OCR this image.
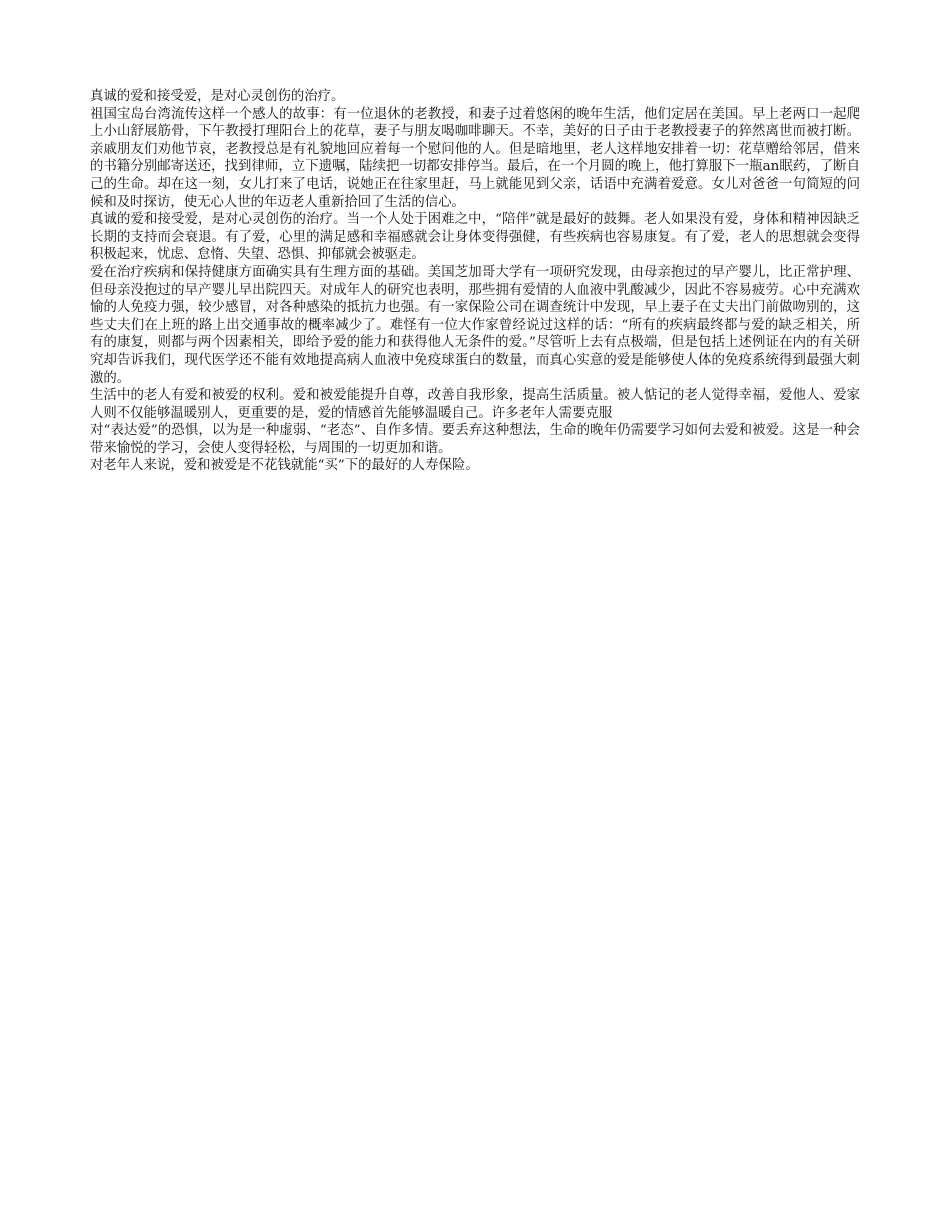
真诚的爱和接受爱，是对心灵创伤的治疗。

祖国宝岛台湾流传这样一个感人的故事：有一位退休的老教授，和妻子过着悠闲的晚年生活，他们定居在美国。早上老两口一起爬上小山舒展筋骨，下午教授打理阳台上的花草，妻子与朋友喝咖啡聊天。不幸，美好的日子由于老教授妻子的猝然离世而被打断。亲戚朋友们劝他节哀，老教授总是有礼貌地回应着每一个慰问他的人。但是暗地里，老人这样地安排着一切：花草赠给邻居，借来的书籍分别邮寄送还，找到律师，立下遗嘱，陆续把一切都安排停当。最后，在一个月圆的晚上，他打算服下一瓶an眠药，了断自己的生命。却在这一刻，女儿打来了电话，说她正在往家里赶，马上就能见到父亲，话语中充满着爱意。女儿对爸爸一句简短的问候和及时探访，使无心人世的年迈老人重新拾回了生活的信心。

真诚的爱和接受爱，是对心灵创伤的治疗。当一个人处于困难之中，“陪伴”就是最好的鼓舞。老人如果没有爱，身体和精神因缺乏长期的支持而会衰退。有了爱，心里的满足感和幸福感就会让身体变得强健，有些疾病也容易康复。有了爱，老人的思想就会变得积极起来，忧虑、怠惰、失望、恐惧、抑郁就会被驱走。

爱在治疗疾病和保持健康方面确实具有生理方面的基础。美国芝加哥大学有一项研究发现，由母亲抱过的早产婴儿，比正常护理、但母亲没抱过的早产婴儿早出院四天。对成年人的研究也表明，那些拥有爱情的人血液中乳酸减少，因此不容易疲劳。心中充满欢愉的人免疫力强，较少感冒，对各种感染的抵抗力也强。有一家保险公司在调查统计中发现，早上妻子在丈夫出门前做吻别的，这些丈夫们在上班的路上出交通事故的概率减少了。难怪有一位大作家曾经说过这样的话：“所有的疾病最终都与爱的缺乏相关，所有的康复，则都与两个因素相关，即给予爱的能力和获得他人无条件的爱。”尽管听上去有点极端，但是包括上述例证在内的有关研究却告诉我们，现代医学还不能有效地提高病人血液中免疫球蛋白的数量，而真心实意的爱是能够使人体的免疫系统得到最强大刺激的。

生活中的老人有爱和被爱的权利。爱和被爱能提升自尊，改善自我形象，提高生活质量。被人惦记的老人觉得幸福，爱他人、爱家人则不仅能够温暖别人，更重要的是，爱的情感首先能够温暖自己。许多老年人需要克服

对“表达爱”的恐惧，以为是一种虚弱、“老态”、自作多情。要丢弃这种想法，生命的晚年仍需要学习如何去爱和被爱。这是一种会带来愉悦的学习，会使人变得轻松，与周围的一切更加和谐。

对老年人来说，爱和被爱是不花钱就能“买”下的最好的人寿保险。
